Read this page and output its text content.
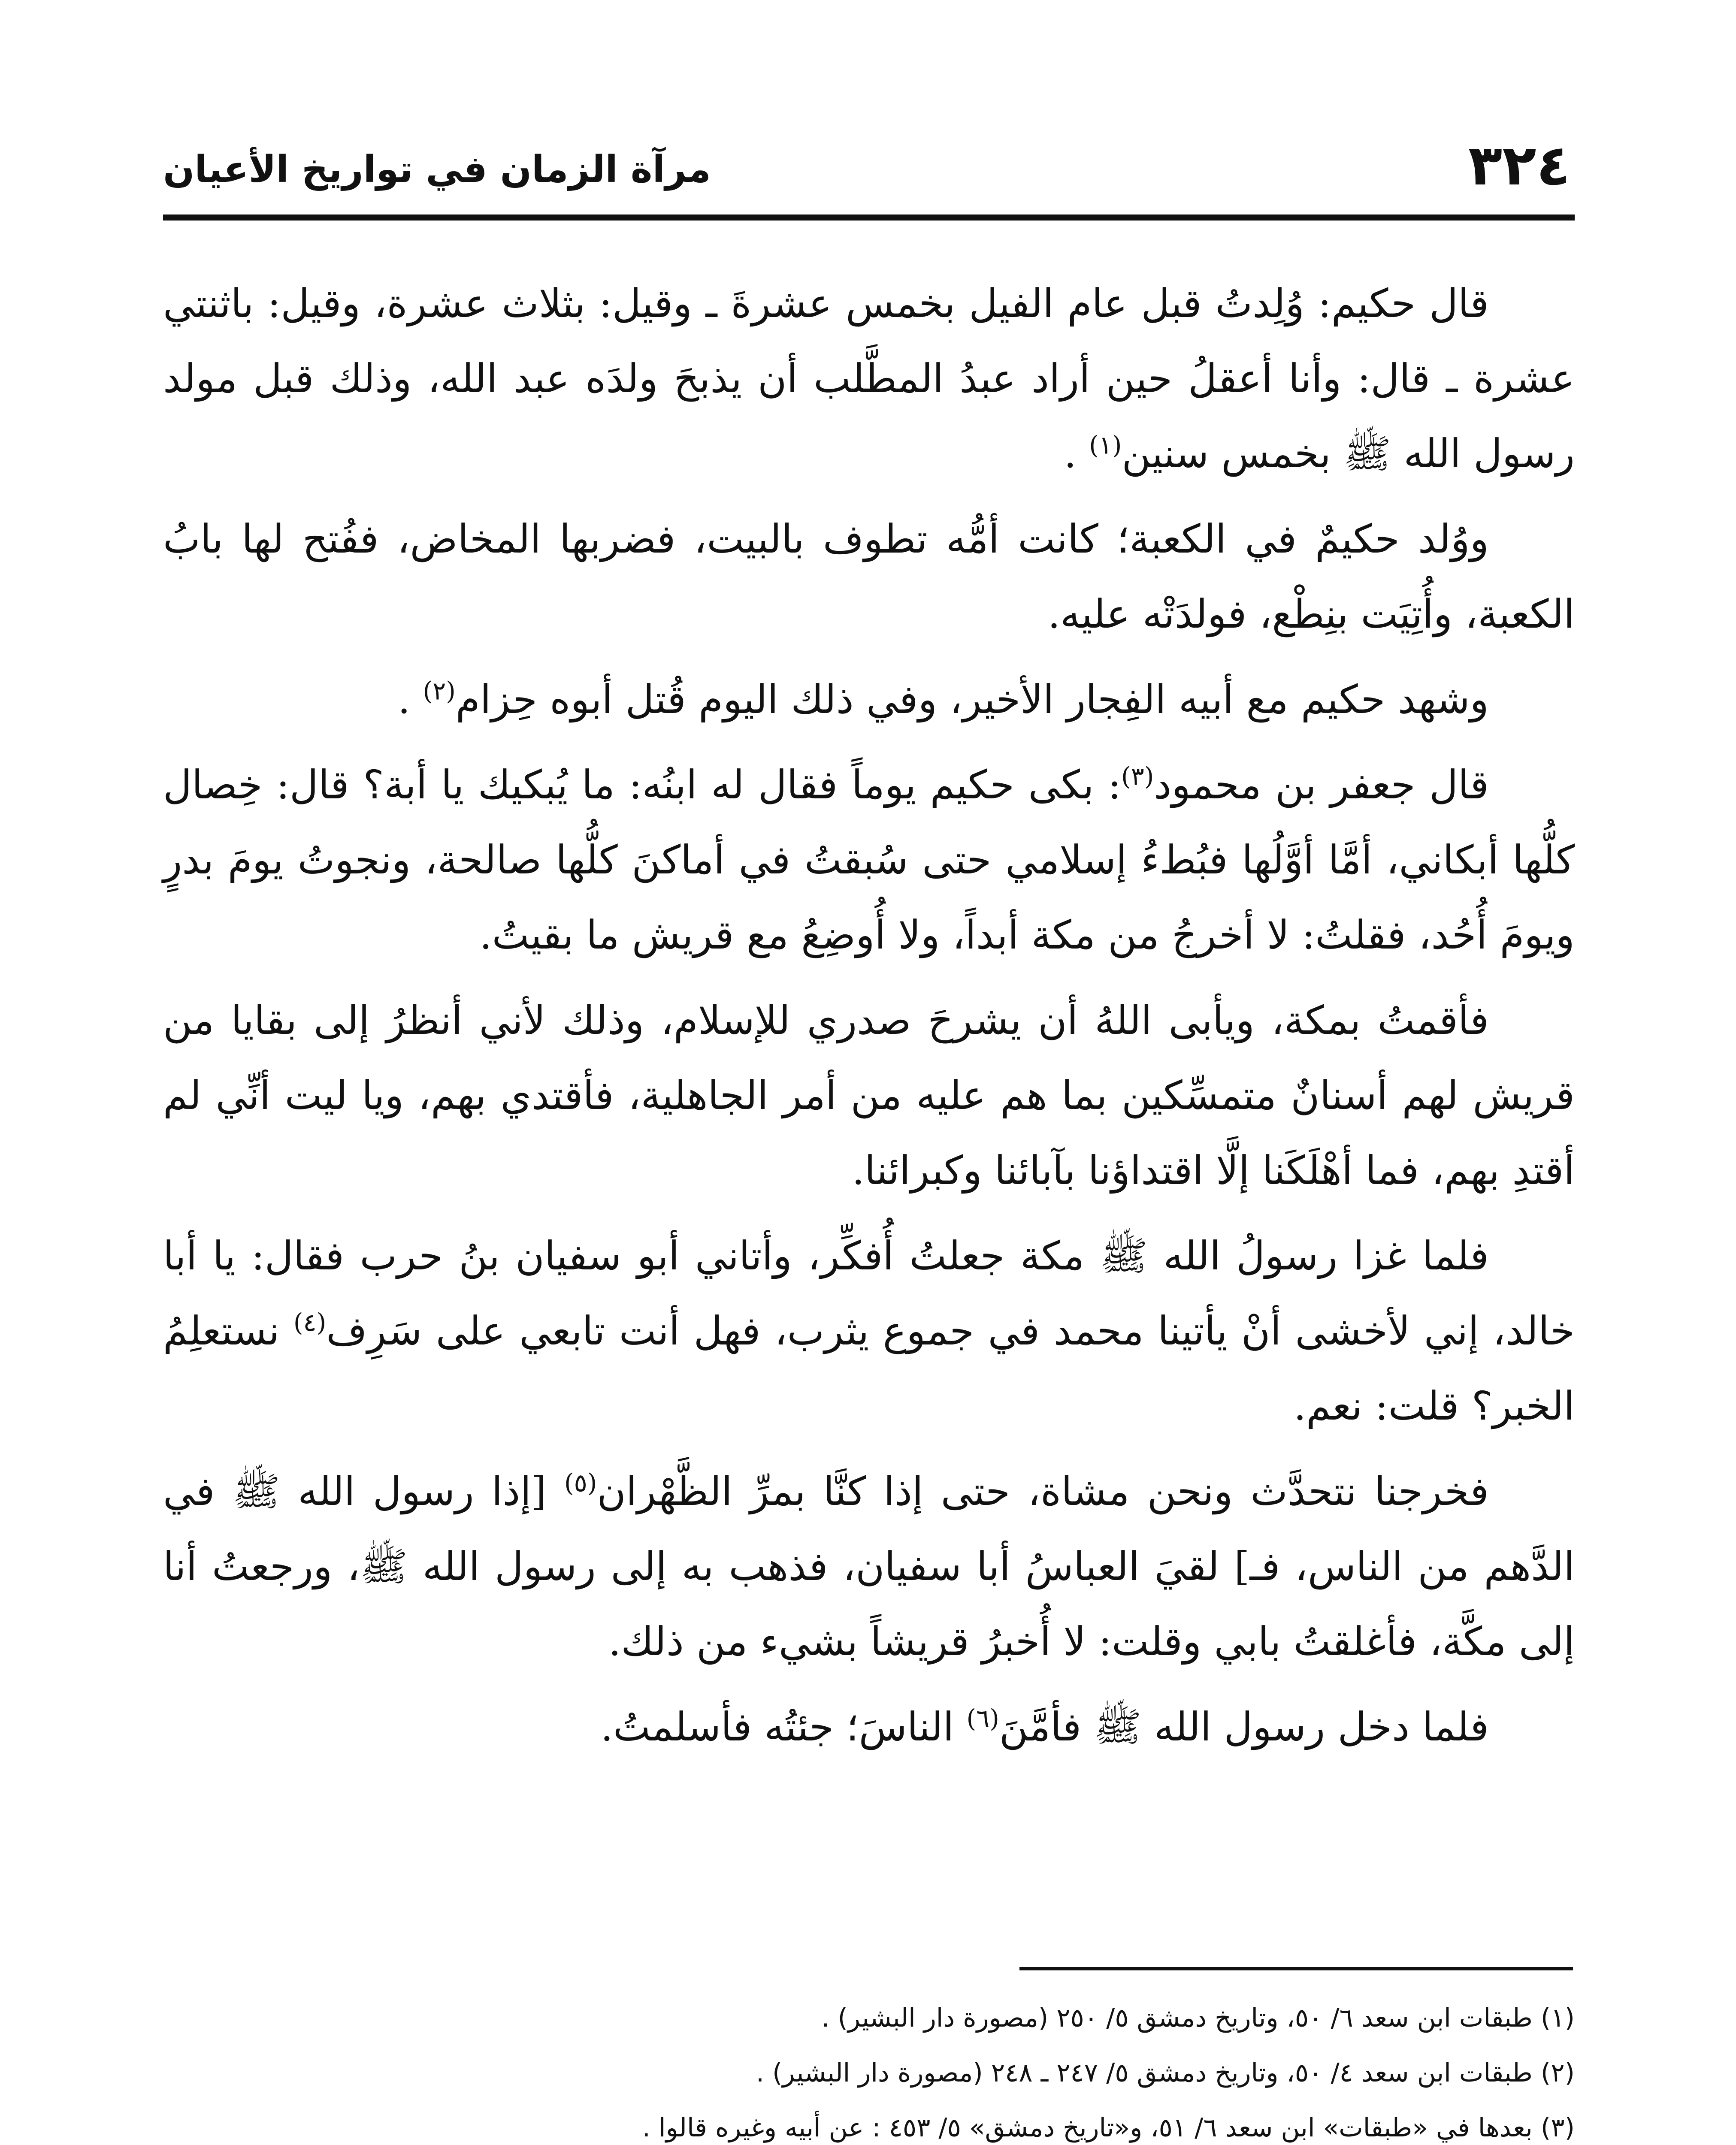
٣٢٤
مرآة الزمان في تواريخ الأعيان

قال حكيم: وُلِدتُ قبل عام الفيل بخمس عشرةَ ـ وقيل: بثلاث عشرة، وقيل: باثنتي عشرة ـ قال: وأنا أعقلُ حين أراد عبدُ المطَّلب أن يذبحَ ولدَه عبد الله، وذلك قبل مولد رسول الله ﷺ بخمس سنين$^{(١)}$ .

ووُلد حكيمٌ في الكعبة؛ كانت أمُّه تطوف بالبيت، فضربها المخاض، ففُتح لها بابُ الكعبة، وأُتِيَت بنِطْع، فولدَتْه عليه.

وشهد حكيم مع أبيه الفِجار الأخير، وفي ذلك اليوم قُتل أبوه حِزام$^{(٢)}$ .

قال جعفر بن محمود$^{(٣)}$: بكى حكيم يوماً فقال له ابنُه: ما يُبكيك يا أبة؟ قال: خِصال كلُّها أبكاني، أمَّا أوَّلُها فبُطءُ إسلامي حتى سُبقتُ في أماكنَ كلُّها صالحة، ونجوتُ يومَ بدرٍ ويومَ أُحُد، فقلتُ: لا أخرجُ من مكة أبداً، ولا أُوضِعُ مع قريش ما بقيتُ.

فأقمتُ بمكة، ويأبى اللهُ أن يشرحَ صدري للإسلام، وذلك لأني أنظرُ إلى بقايا من قريش لهم أسنانٌ متمسِّكين بما هم عليه من أمر الجاهلية، فأقتدي بهم، ويا ليت أنِّي لم أقتدِ بهم، فما أهْلَكَنا إلَّا اقتداؤنا بآبائنا وكبرائنا.

فلما غزا رسولُ الله ﷺ مكة جعلتُ أُفكِّر، وأتاني أبو سفيان بنُ حرب فقال: يا أبا خالد، إني لأخشى أنْ يأتينا محمد في جموع يثرب، فهل أنت تابعي على سَرِف$^{(٤)}$ نستعلِمُ الخبر؟ قلت: نعم.

فخرجنا نتحدَّث ونحن مشاة، حتى إذا كنَّا بمرِّ الظَّهْران$^{(٥)}$ [إذا رسول الله ﷺ في الدَّهم من الناس، فـ] لقيَ العباسُ أبا سفيان، فذهب به إلى رسول الله ﷺ، ورجعتُ أنا إلى مكَّة، فأغلقتُ بابي وقلت: لا أُخبرُ قريشاً بشيء من ذلك.

فلما دخل رسول الله ﷺ فأمَّنَ$^{(٦)}$ الناسَ؛ جئتُه فأسلمتُ.

(١) طبقات ابن سعد ٦/ ٥٠، وتاريخ دمشق ٥/ ٢٥٠ (مصورة دار البشير) .
(٢) طبقات ابن سعد ٤/ ٥٠، وتاريخ دمشق ٥/ ٢٤٧ ـ ٢٤٨ (مصورة دار البشير) .
(٣) بعدها في «طبقات» ابن سعد ٦/ ٥١، و«تاريخ دمشق» ٥/ ٤٥٣ : عن أبيه وغيره قالوا .
